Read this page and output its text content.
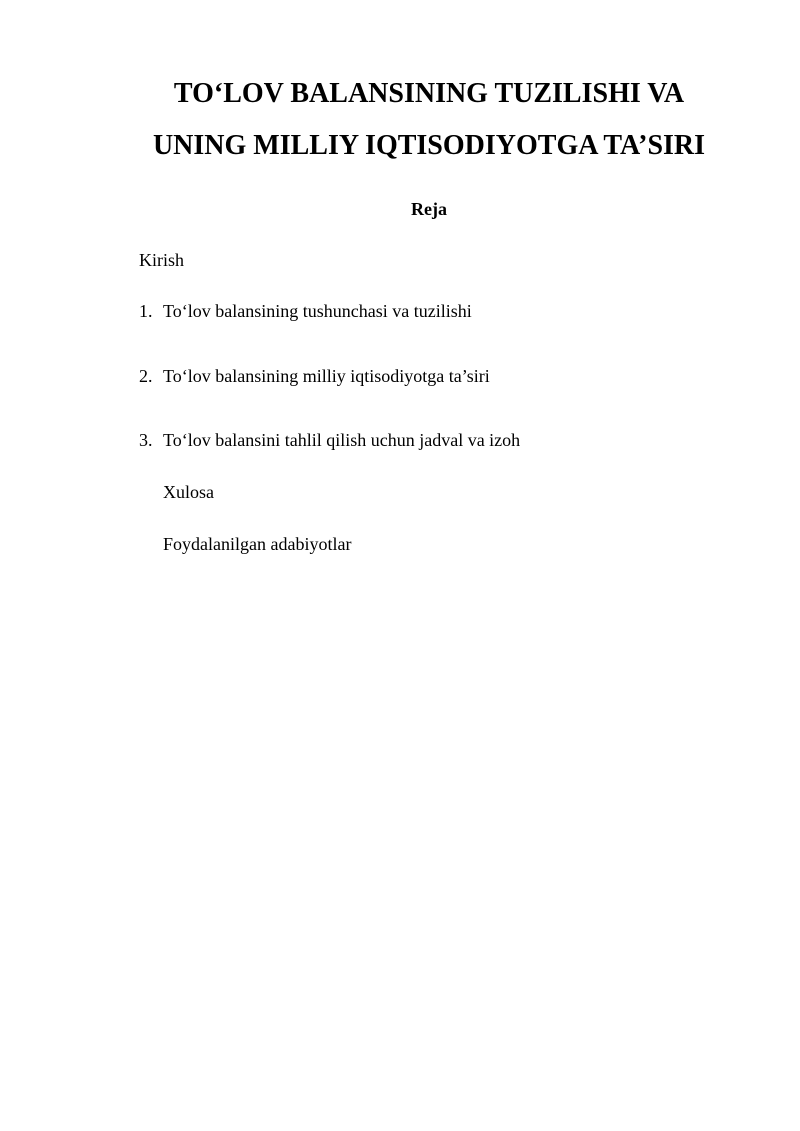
TO‘LOV BALANSINING TUZILISHI VA
UNING MILLIY IQTISODIYOTGA TA’SIRI
Reja
Kirish
1. To‘lov balansining tushunchasi va tuzilishi
2. To‘lov balansining milliy iqtisodiyotga ta’siri
3. To‘lov balansini tahlil qilish uchun jadval va izoh
Xulosa
Foydalanilgan adabiyotlar
